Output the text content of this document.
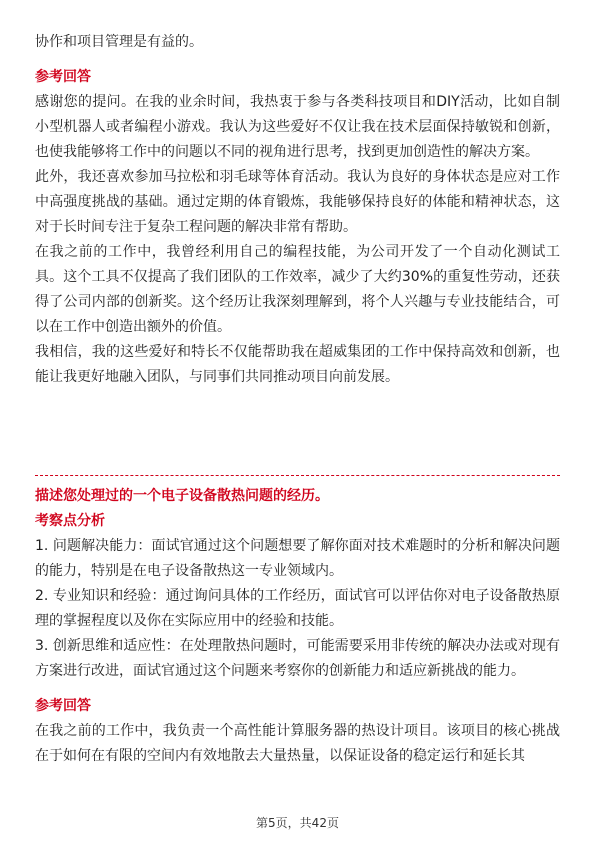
协作和项目管理是有益的。

参考回答

感谢您的提问。在我的业余时间，我热衷于参与各类科技项目和DIY活动，比如自制小型机器人或者编程小游戏。我认为这些爱好不仅让我在技术层面保持敏锐和创新，也使我能够将工作中的问题以不同的视角进行思考，找到更加创造性的解决方案。

此外，我还喜欢参加马拉松和羽毛球等体育活动。我认为良好的身体状态是应对工作中高强度挑战的基础。通过定期的体育锻炼，我能够保持良好的体能和精神状态，这对于长时间专注于复杂工程问题的解决非常有帮助。

在我之前的工作中，我曾经利用自己的编程技能，为公司开发了一个自动化测试工具。这个工具不仅提高了我们团队的工作效率，减少了大约30%的重复性劳动，还获得了公司内部的创新奖。这个经历让我深刻理解到，将个人兴趣与专业技能结合，可以在工作中创造出额外的价值。

我相信，我的这些爱好和特长不仅能帮助我在超威集团的工作中保持高效和创新，也能让我更好地融入团队，与同事们共同推动项目向前发展。

描述您处理过的一个电子设备散热问题的经历。

考察点分析

1. 问题解决能力：面试官通过这个问题想要了解你面对技术难题时的分析和解决问题的能力，特别是在电子设备散热这一专业领域内。

2. 专业知识和经验：通过询问具体的工作经历，面试官可以评估你对电子设备散热原理的掌握程度以及你在实际应用中的经验和技能。

3. 创新思维和适应性：在处理散热问题时，可能需要采用非传统的解决办法或对现有方案进行改进，面试官通过这个问题来考察你的创新能力和适应新挑战的能力。

参考回答

在我之前的工作中，我负责一个高性能计算服务器的热设计项目。该项目的核心挑战在于如何在有限的空间内有效地散去大量热量，以保证设备的稳定运行和延长其

第5页，共42页
